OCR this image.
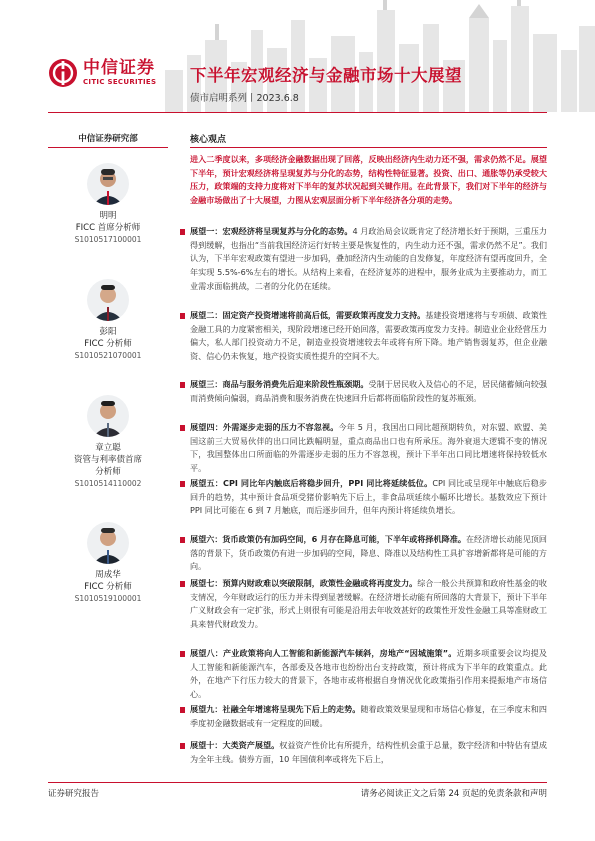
中信证券
CITIC SECURITIES 下半年宏观经济与金融市场十大展望
债市启明系列丨2023.6.8
中信证券研究部
明明
FICC 首席分析师
S1010517100001
彭阳
FICC 分析师
S1010521070001
章立聪
资管与利率债首席
分析师
S1010514110002
周成华
FICC 分析师
S1010519100001
核心观点
进入二季度以来，多项经济金融数据出现了回落，反映出经济内生动力还不强，需求仍然不足。展望下半年，预计宏观经济将呈现复苏与分化的态势，结构性特征显著。投资、出口、通胀等仍承受较大压力，政策端的支持力度将对下半年的复苏状况起到关键作用。在此背景下，我们对下半年的经济与金融市场做出了十大展望，力图从宏观层面分析下半年经济各分项的走势。
展望一：宏观经济将呈现复苏与分化的态势。4 月政治局会议既肯定了经济增长好于预期，三重压力得到缓解，也指出“当前我国经济运行好转主要是恢复性的，内生动力还不强，需求仍然不足”。我们认为，下半年宏观政策有望进一步加码，叠加经济内生动能的自发修复，年度经济有望再度回升，全年实现 5.5%-6%左右的增长。从结构上来看，在经济复苏的进程中，服务业成为主要推动力，而工业需求面临挑战，二者的分化仍在延续。
展望二：固定资产投资增速将前高后低，需要政策再度发力支持。基建投资增速将与专项债、政策性金融工具的力度紧密相关，现阶段增速已经开始回落，需要政策再度发力支持。制造业企业经营压力偏大，私人部门投资动力不足，制造业投资增速较去年或将有所下降。地产销售弱复苏，但企业融资、信心仍未恢复，地产投资实质性提升的空间不大。
展望三：商品与服务消费先后迎来阶段性瓶颈期。受制于居民收入及信心的不足，居民储蓄倾向较强而消费倾向偏弱，商品消费和服务消费在快速回升后都将面临阶段性的复苏瓶颈。
展望四：外需逐步走弱的压力不容忽视。今年 5 月，我国出口同比超预期转负，对东盟、欧盟、美国这前三大贸易伙伴的出口同比跌幅明显，重点商品出口也有所承压。海外衰退大逻辑不变的情况下，我国整体出口所面临的外需逐步走弱的压力不容忽视，预计下半年出口同比增速将保持较低水平。
展望五：CPI 同比年内触底后将稳步回升，PPI 同比将延续低位。CPI 同比或呈现年中触底后稳步回升的趋势，其中预计食品项受猪价影响先下后上，非食品项延续小幅环比增长。基数效应下预计 PPI 同比可能在 6 到 7 月触底，而后逐步回升，但年内预计将延续负增长。
展望六：货币政策仍有加码空间，6 月存在降息可能，下半年或将择机降准。在经济增长动能见顶回落的背景下，货币政策仍有进一步加码的空间，降息、降准以及结构性工具扩容增新都将是可能的方向。
展望七：预算内财政难以突破限制，政策性金融或将再度发力。综合一般公共预算和政府性基金的收支情况，今年财政运行的压力并未得到显著缓解。在经济增长动能有所回落的大背景下，预计下半年广义财政会有一定扩张，形式上则很有可能是沿用去年收效甚好的政策性开发性金融工具等准财政工具来替代财政发力。
展望八：产业政策将向人工智能和新能源汽车倾斜，房地产“因城施策”。近期多项重要会议均提及人工智能和新能源汽车，各部委及各地市也纷纷出台支持政策，预计将成为下半年的政策重点。此外，在地产下行压力较大的背景下，各地市或将根据自身情况优化政策指引作用来提振地产市场信心。
展望九：社融全年增速将呈现先下后上的走势。随着政策效果显现和市场信心修复，在三季度末和四季度初金融数据或有一定程度的回暖。
展望十：大类资产展望。权益资产性价比有所提升，结构性机会重于总量，数字经济和中特估有望成为全年主线。债券方面，10 年国债利率或将先下后上，
证券研究报告	请务必阅读正文之后第 24 页起的免责条款和声明
